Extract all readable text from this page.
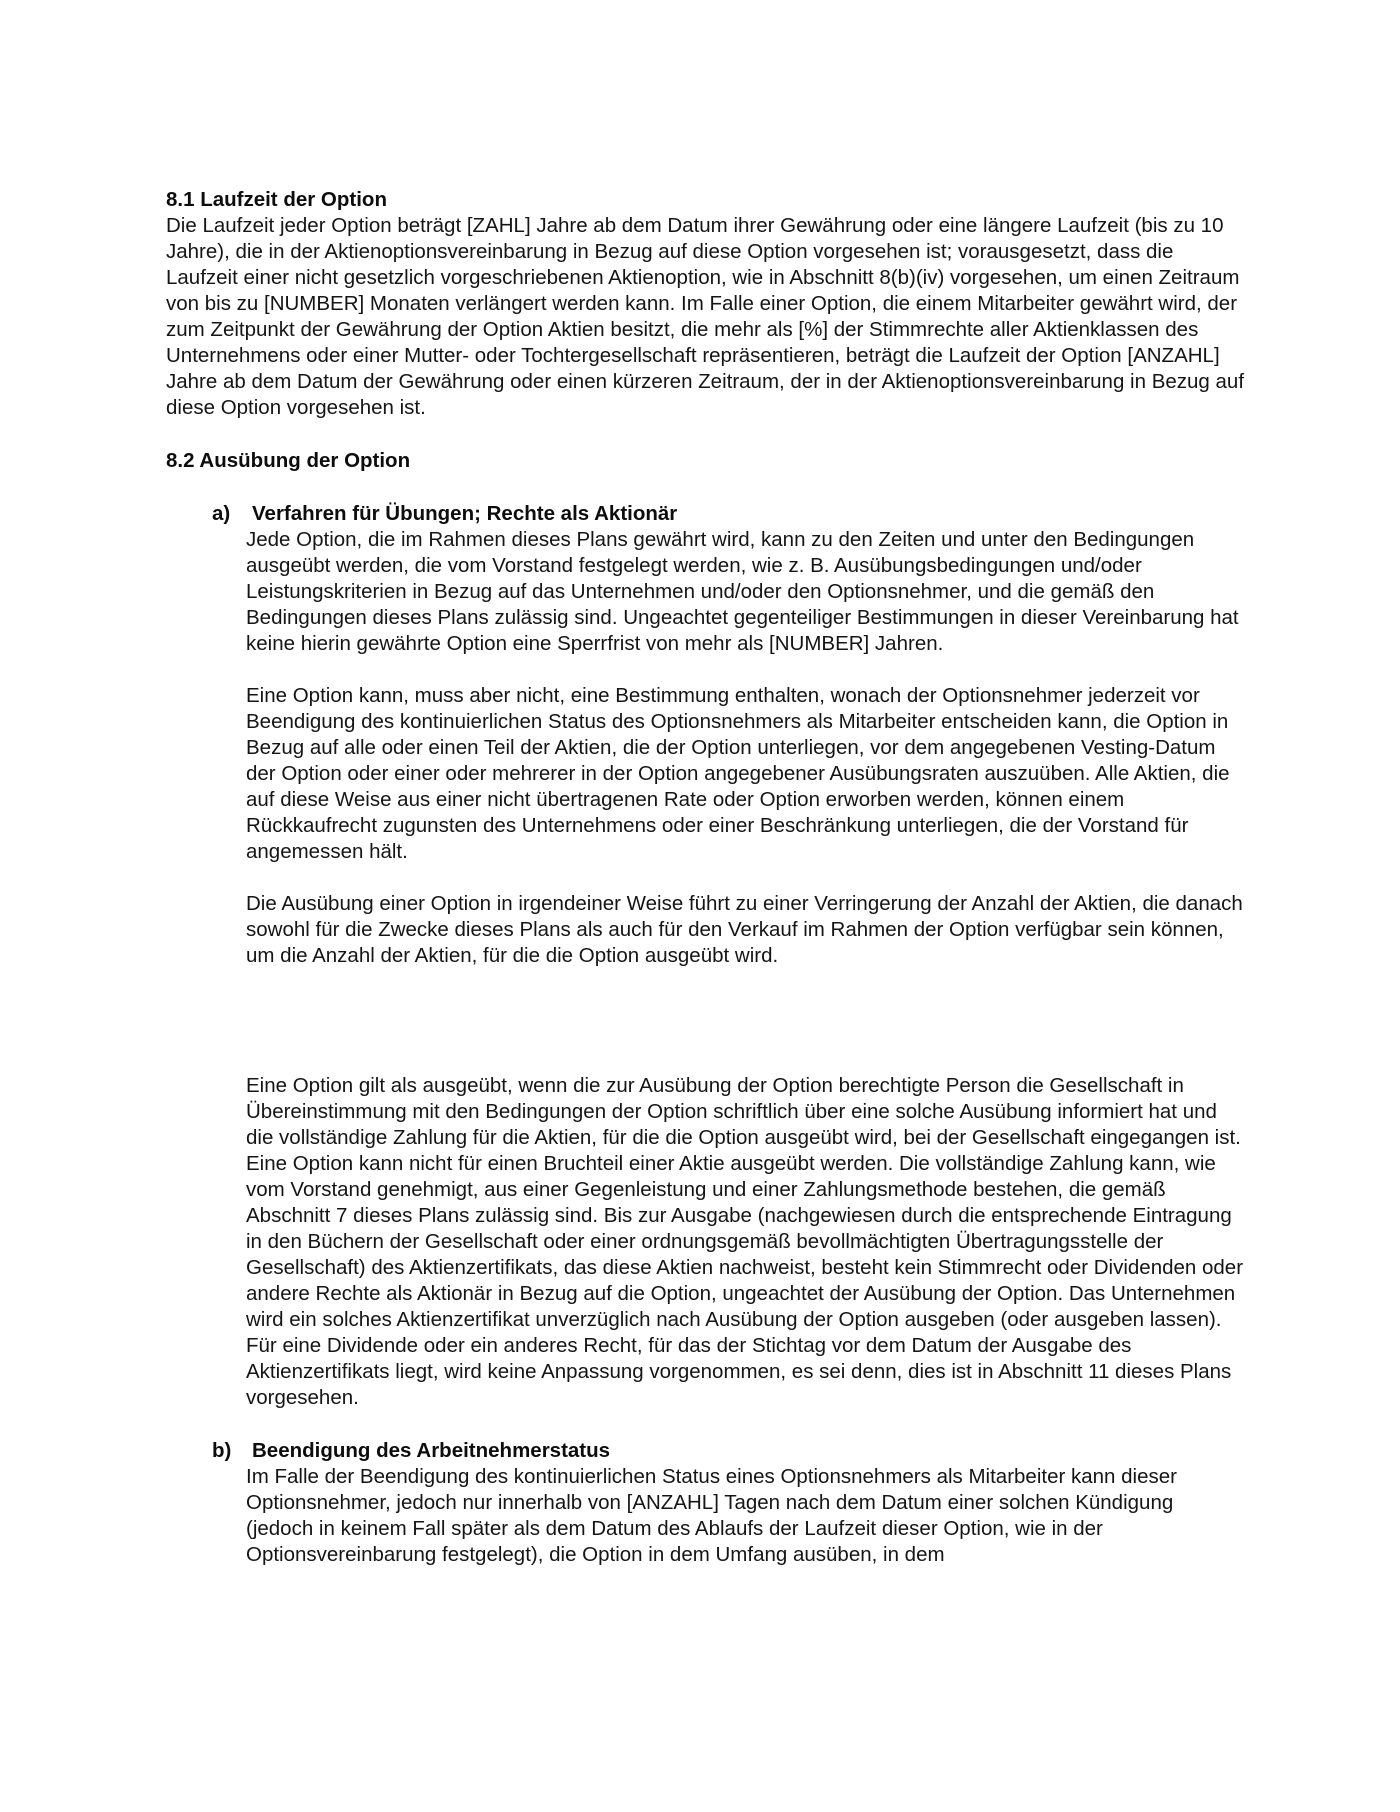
8.1 Laufzeit der Option

Die Laufzeit jeder Option beträgt [ZAHL] Jahre ab dem Datum ihrer Gewährung oder eine längere Laufzeit (bis zu 10 Jahre), die in der Aktienoptionsvereinbarung in Bezug auf diese Option vorgesehen ist; vorausgesetzt, dass die Laufzeit einer nicht gesetzlich vorgeschriebenen Aktienoption, wie in Abschnitt 8(b)(iv) vorgesehen, um einen Zeitraum von bis zu [NUMBER] Monaten verlängert werden kann. Im Falle einer Option, die einem Mitarbeiter gewährt wird, der zum Zeitpunkt der Gewährung der Option Aktien besitzt, die mehr als [%] der Stimmrechte aller Aktienklassen des Unternehmens oder einer Mutter- oder Tochtergesellschaft repräsentieren, beträgt die Laufzeit der Option [ANZAHL] Jahre ab dem Datum der Gewährung oder einen kürzeren Zeitraum, der in der Aktienoptionsvereinbarung in Bezug auf diese Option vorgesehen ist.

8.2 Ausübung der Option
a) Verfahren für Übungen; Rechte als Aktionär

Jede Option, die im Rahmen dieses Plans gewährt wird, kann zu den Zeiten und unter den Bedingungen ausgeübt werden, die vom Vorstand festgelegt werden, wie z. B. Ausübungsbedingungen und/oder Leistungskriterien in Bezug auf das Unternehmen und/oder den Optionsnehmer, und die gemäß den Bedingungen dieses Plans zulässig sind. Ungeachtet gegenteiliger Bestimmungen in dieser Vereinbarung hat keine hierin gewährte Option eine Sperrfrist von mehr als [NUMBER] Jahren.

Eine Option kann, muss aber nicht, eine Bestimmung enthalten, wonach der Optionsnehmer jederzeit vor Beendigung des kontinuierlichen Status des Optionsnehmers als Mitarbeiter entscheiden kann, die Option in Bezug auf alle oder einen Teil der Aktien, die der Option unterliegen, vor dem angegebenen Vesting-Datum der Option oder einer oder mehrerer in der Option angegebener Ausübungsraten auszuüben. Alle Aktien, die auf diese Weise aus einer nicht übertragenen Rate oder Option erworben werden, können einem Rückkaufrecht zugunsten des Unternehmens oder einer Beschränkung unterliegen, die der Vorstand für angemessen hält.

Die Ausübung einer Option in irgendeiner Weise führt zu einer Verringerung der Anzahl der Aktien, die danach sowohl für die Zwecke dieses Plans als auch für den Verkauf im Rahmen der Option verfügbar sein können, um die Anzahl der Aktien, für die die Option ausgeübt wird.

Eine Option gilt als ausgeübt, wenn die zur Ausübung der Option berechtigte Person die Gesellschaft in Übereinstimmung mit den Bedingungen der Option schriftlich über eine solche Ausübung informiert hat und die vollständige Zahlung für die Aktien, für die die Option ausgeübt wird, bei der Gesellschaft eingegangen ist. Eine Option kann nicht für einen Bruchteil einer Aktie ausgeübt werden. Die vollständige Zahlung kann, wie vom Vorstand genehmigt, aus einer Gegenleistung und einer Zahlungsmethode bestehen, die gemäß Abschnitt 7 dieses Plans zulässig sind. Bis zur Ausgabe (nachgewiesen durch die entsprechende Eintragung in den Büchern der Gesellschaft oder einer ordnungsgemäß bevollmächtigten Übertragungsstelle der Gesellschaft) des Aktienzertifikats, das diese Aktien nachweist, besteht kein Stimmrecht oder Dividenden oder andere Rechte als Aktionär in Bezug auf die Option, ungeachtet der Ausübung der Option. Das Unternehmen wird ein solches Aktienzertifikat unverzüglich nach Ausübung der Option ausgeben (oder ausgeben lassen). Für eine Dividende oder ein anderes Recht, für das der Stichtag vor dem Datum der Ausgabe des Aktienzertifikats liegt, wird keine Anpassung vorgenommen, es sei denn, dies ist in Abschnitt 11 dieses Plans vorgesehen.

b) Beendigung des Arbeitnehmerstatus

Im Falle der Beendigung des kontinuierlichen Status eines Optionsnehmers als Mitarbeiter kann dieser Optionsnehmer, jedoch nur innerhalb von [ANZAHL] Tagen nach dem Datum einer solchen Kündigung (jedoch in keinem Fall später als dem Datum des Ablaufs der Laufzeit dieser Option, wie in der Optionsvereinbarung festgelegt), die Option in dem Umfang ausüben, in dem
